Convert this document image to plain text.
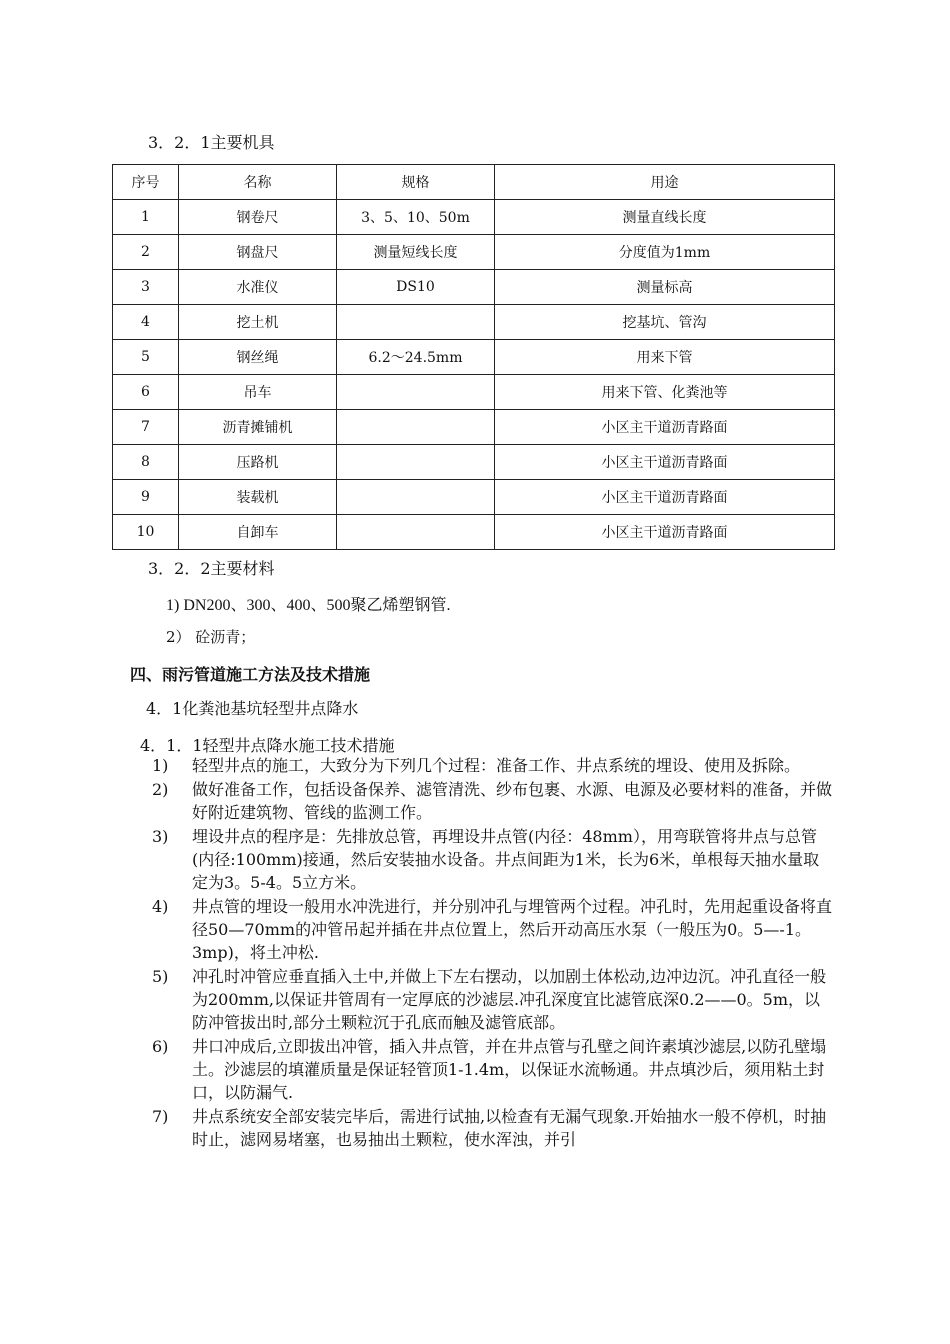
3．2．1主要机具
序号	名称	规格	用途
1	钢卷尺	3、5、10、50m	测量直线长度
2	钢盘尺	测量短线长度	分度值为1mm
3	水准仪	DS10	测量标高
4	挖土机		挖基坑、管沟
5	钢丝绳	6.2～24.5mm	用来下管
6	吊车		用来下管、化粪池等
7	沥青摊铺机		小区主干道沥青路面
8	压路机		小区主干道沥青路面
9	装载机		小区主干道沥青路面
10	自卸车		小区主干道沥青路面
3．2．2主要材料
1) DN200、300、400、500聚乙烯塑钢管.
2） 砼沥青；
四、雨污管道施工方法及技术措施
4．1化粪池基坑轻型井点降水
4．1．1轻型井点降水施工技术措施
1)	轻型井点的施工，大致分为下列几个过程：准备工作、井点系统的埋设、使用及拆除。
2)	做好准备工作，包括设备保养、滤管清洗、纱布包裹、水源、电源及必要材料的准备，并做好附近建筑物、管线的监测工作。
3)	埋设井点的程序是：先排放总管，再埋设井点管(内径：48mm），用弯联管将井点与总管(内径:100mm)接通，然后安装抽水设备。井点间距为1米，长为6米，单根每天抽水量取定为3。5-4。5立方米。
4)	井点管的埋设一般用水冲洗进行，并分别冲孔与埋管两个过程。冲孔时，先用起重设备将直径50—70mm的冲管吊起并插在井点位置上，然后开动高压水泵（一般压为0。5—-1。3mp)，将土冲松.
5)	冲孔时冲管应垂直插入土中,并做上下左右摆动，以加剧土体松动,边冲边沉。冲孔直径一般为200mm,以保证井管周有一定厚底的沙滤层.冲孔深度宜比滤管底深0.2——0。5m，以防冲管拔出时,部分土颗粒沉于孔底而触及滤管底部。
6)	井口冲成后,立即拔出冲管，插入井点管，并在井点管与孔壁之间许素填沙滤层,以防孔壁塌土。沙滤层的填灌质量是保证轻管顶1-1.4m，以保证水流畅通。井点填沙后，须用粘土封口，以防漏气.
7)	井点系统安全部安装完毕后，需进行试抽,以检查有无漏气现象.开始抽水一般不停机，时抽时止，滤网易堵塞，也易抽出土颗粒，使水浑浊，并引
